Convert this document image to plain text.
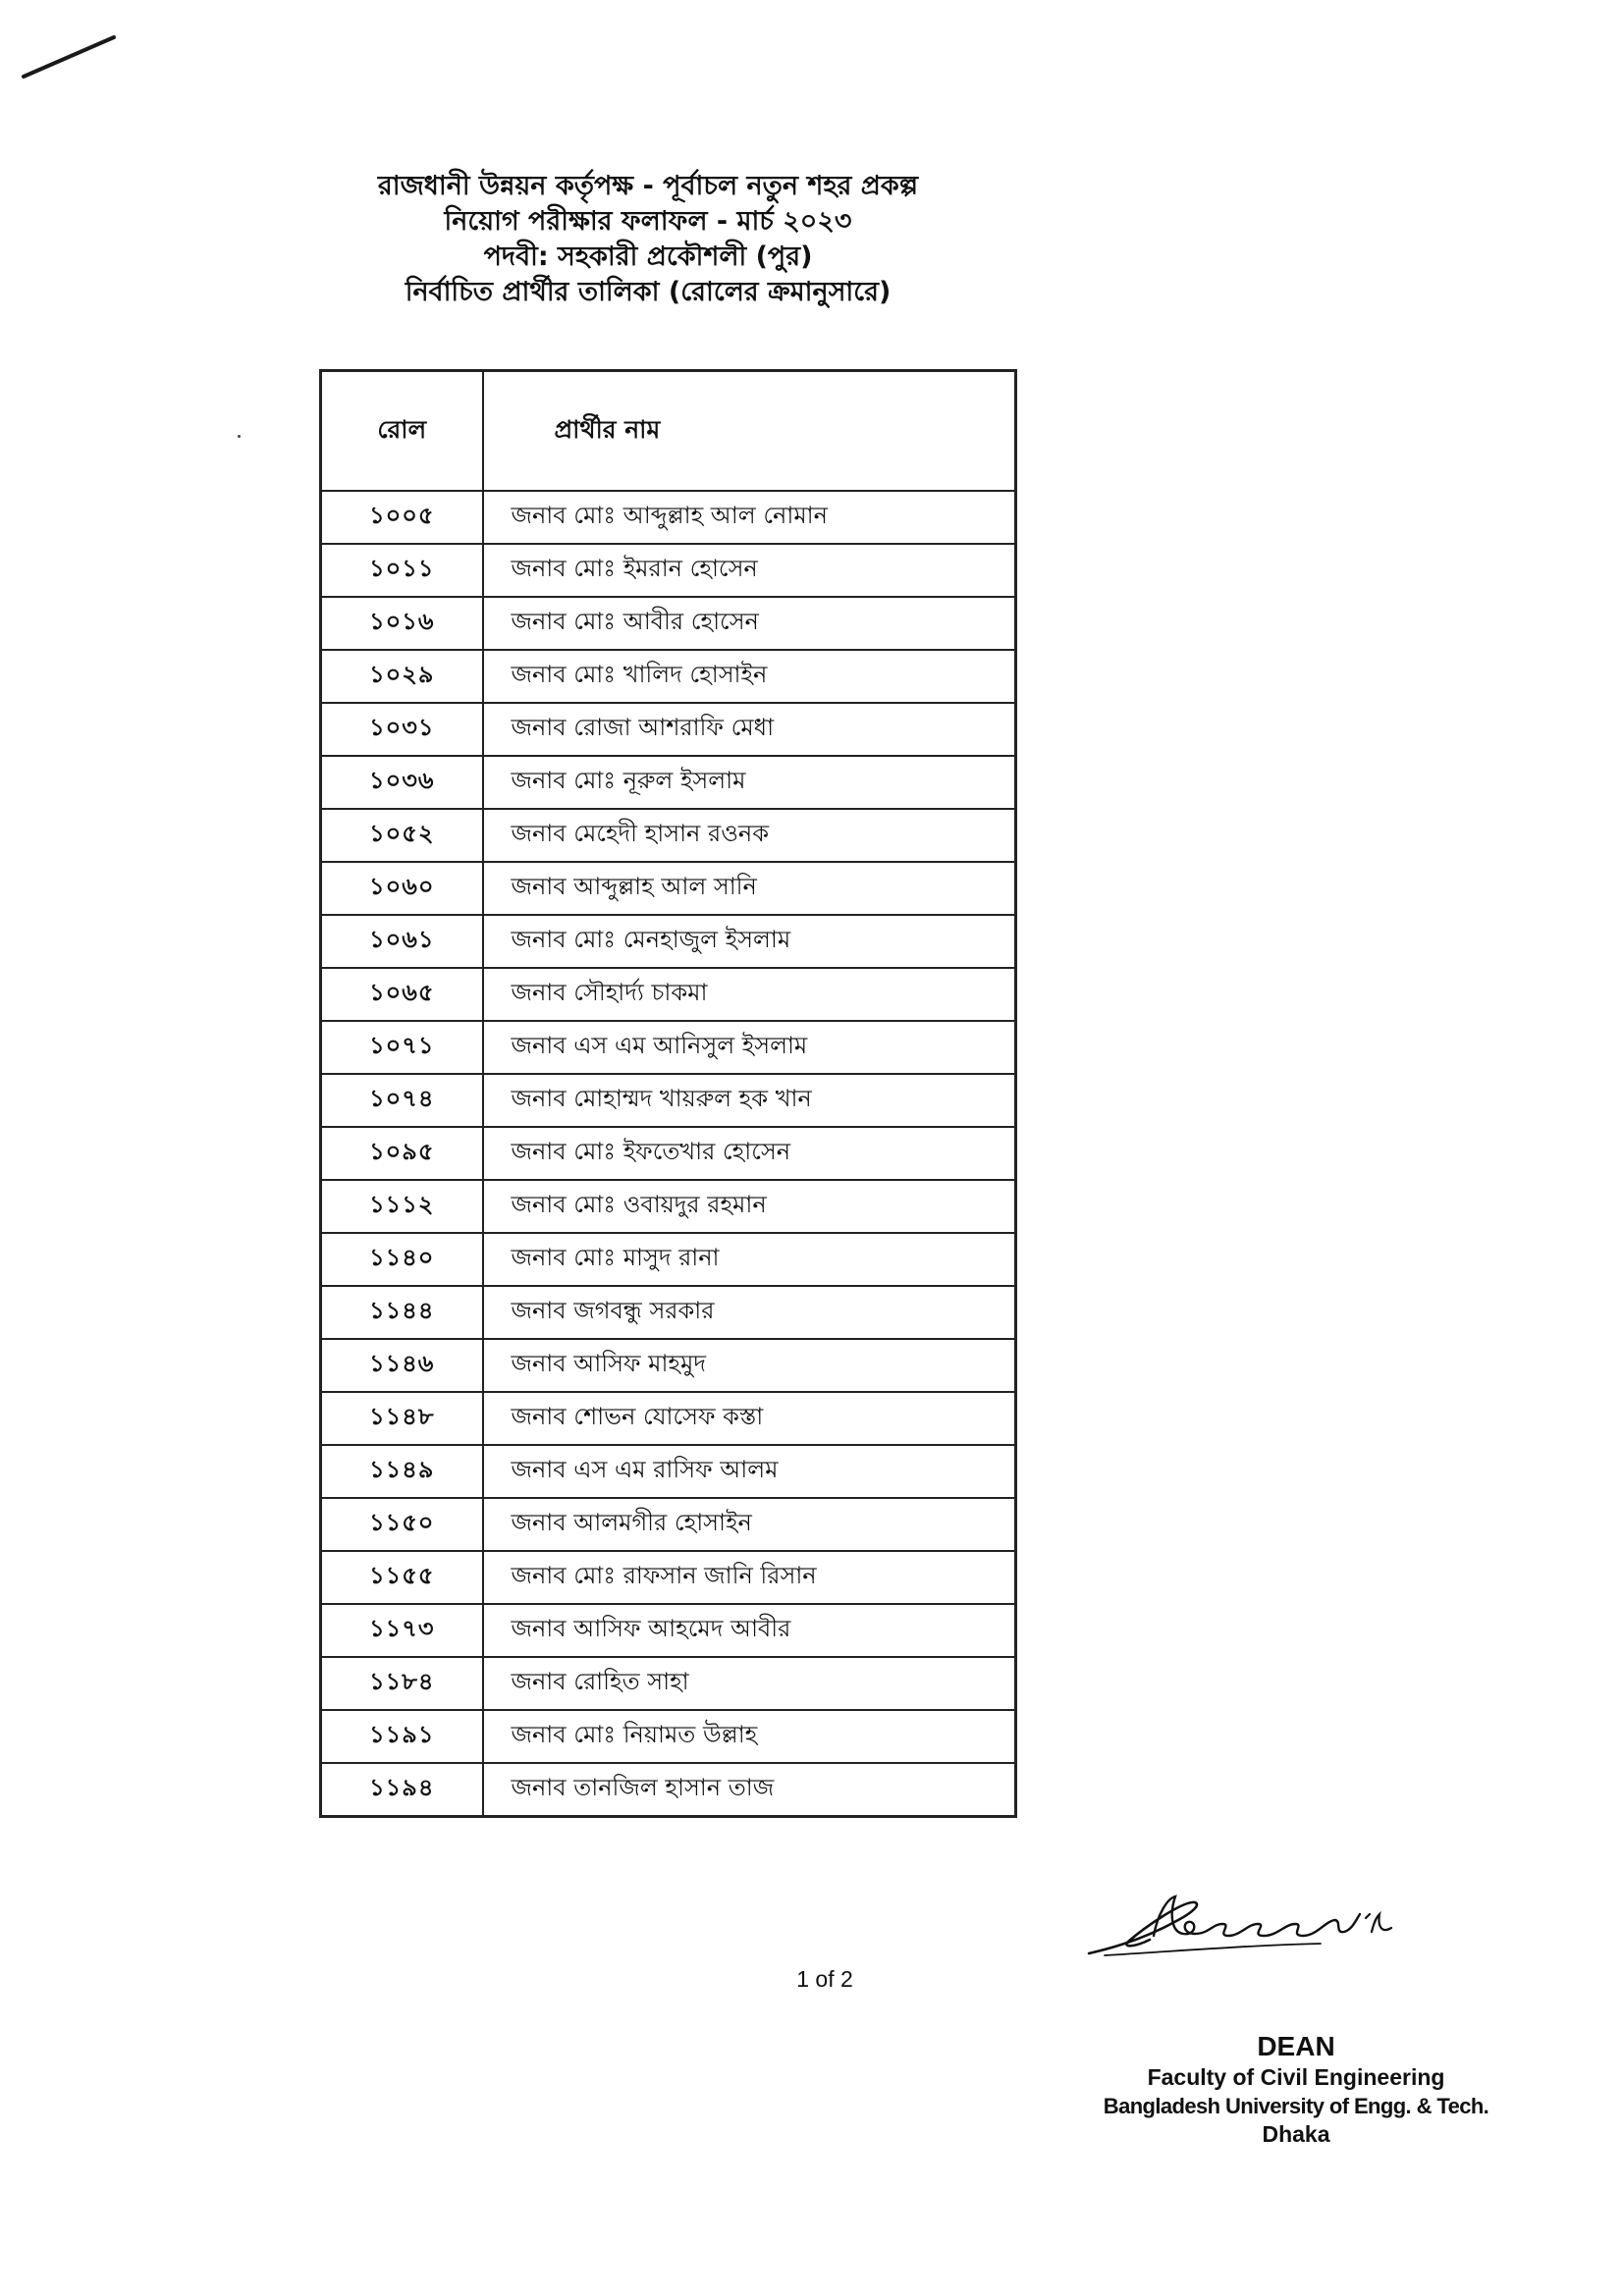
রাজধানী উন্নয়ন কর্তৃপক্ষ - পূর্বাচল নতুন শহর প্রকল্প
নিয়োগ পরীক্ষার ফলাফল - মার্চ ২০২৩
পদবী: সহকারী প্রকৌশলী (পুর)
নির্বাচিত প্রার্থীর তালিকা (রোলের ক্রমানুসারে)
রোল	প্রার্থীর নাম
১০০৫	জনাব মোঃ আব্দুল্লাহ আল নোমান
১০১১	জনাব মোঃ ইমরান হোসেন
১০১৬	জনাব মোঃ আবীর হোসেন
১০২৯	জনাব মোঃ খালিদ হোসাইন
১০৩১	জনাব রোজা আশরাফি মেধা
১০৩৬	জনাব মোঃ নূরুল ইসলাম
১০৫২	জনাব মেহেদী হাসান রওনক
১০৬০	জনাব আব্দুল্লাহ আল সানি
১০৬১	জনাব মোঃ মেনহাজুল ইসলাম
১০৬৫	জনাব সৌহার্দ্য চাকমা
১০৭১	জনাব এস এম আনিসুল ইসলাম
১০৭৪	জনাব মোহাম্মদ খায়রুল হক খান
১০৯৫	জনাব মোঃ ইফতেখার হোসেন
১১১২	জনাব মোঃ ওবায়দুর রহমান
১১৪০	জনাব মোঃ মাসুদ রানা
১১৪৪	জনাব জগবন্ধু সরকার
১১৪৬	জনাব আসিফ মাহমুদ
১১৪৮	জনাব শোভন যোসেফ কস্তা
১১৪৯	জনাব এস এম রাসিফ আলম
১১৫০	জনাব আলমগীর হোসাইন
১১৫৫	জনাব মোঃ রাফসান জানি রিসান
১১৭৩	জনাব আসিফ আহমেদ আবীর
১১৮৪	জনাব রোহিত সাহা
১১৯১	জনাব মোঃ নিয়ামত উল্লাহ
১১৯৪	জনাব তানজিল হাসান তাজ
1 of 2
DEAN
Faculty of Civil Engineering
Bangladesh University of Engg. & Tech.
Dhaka
